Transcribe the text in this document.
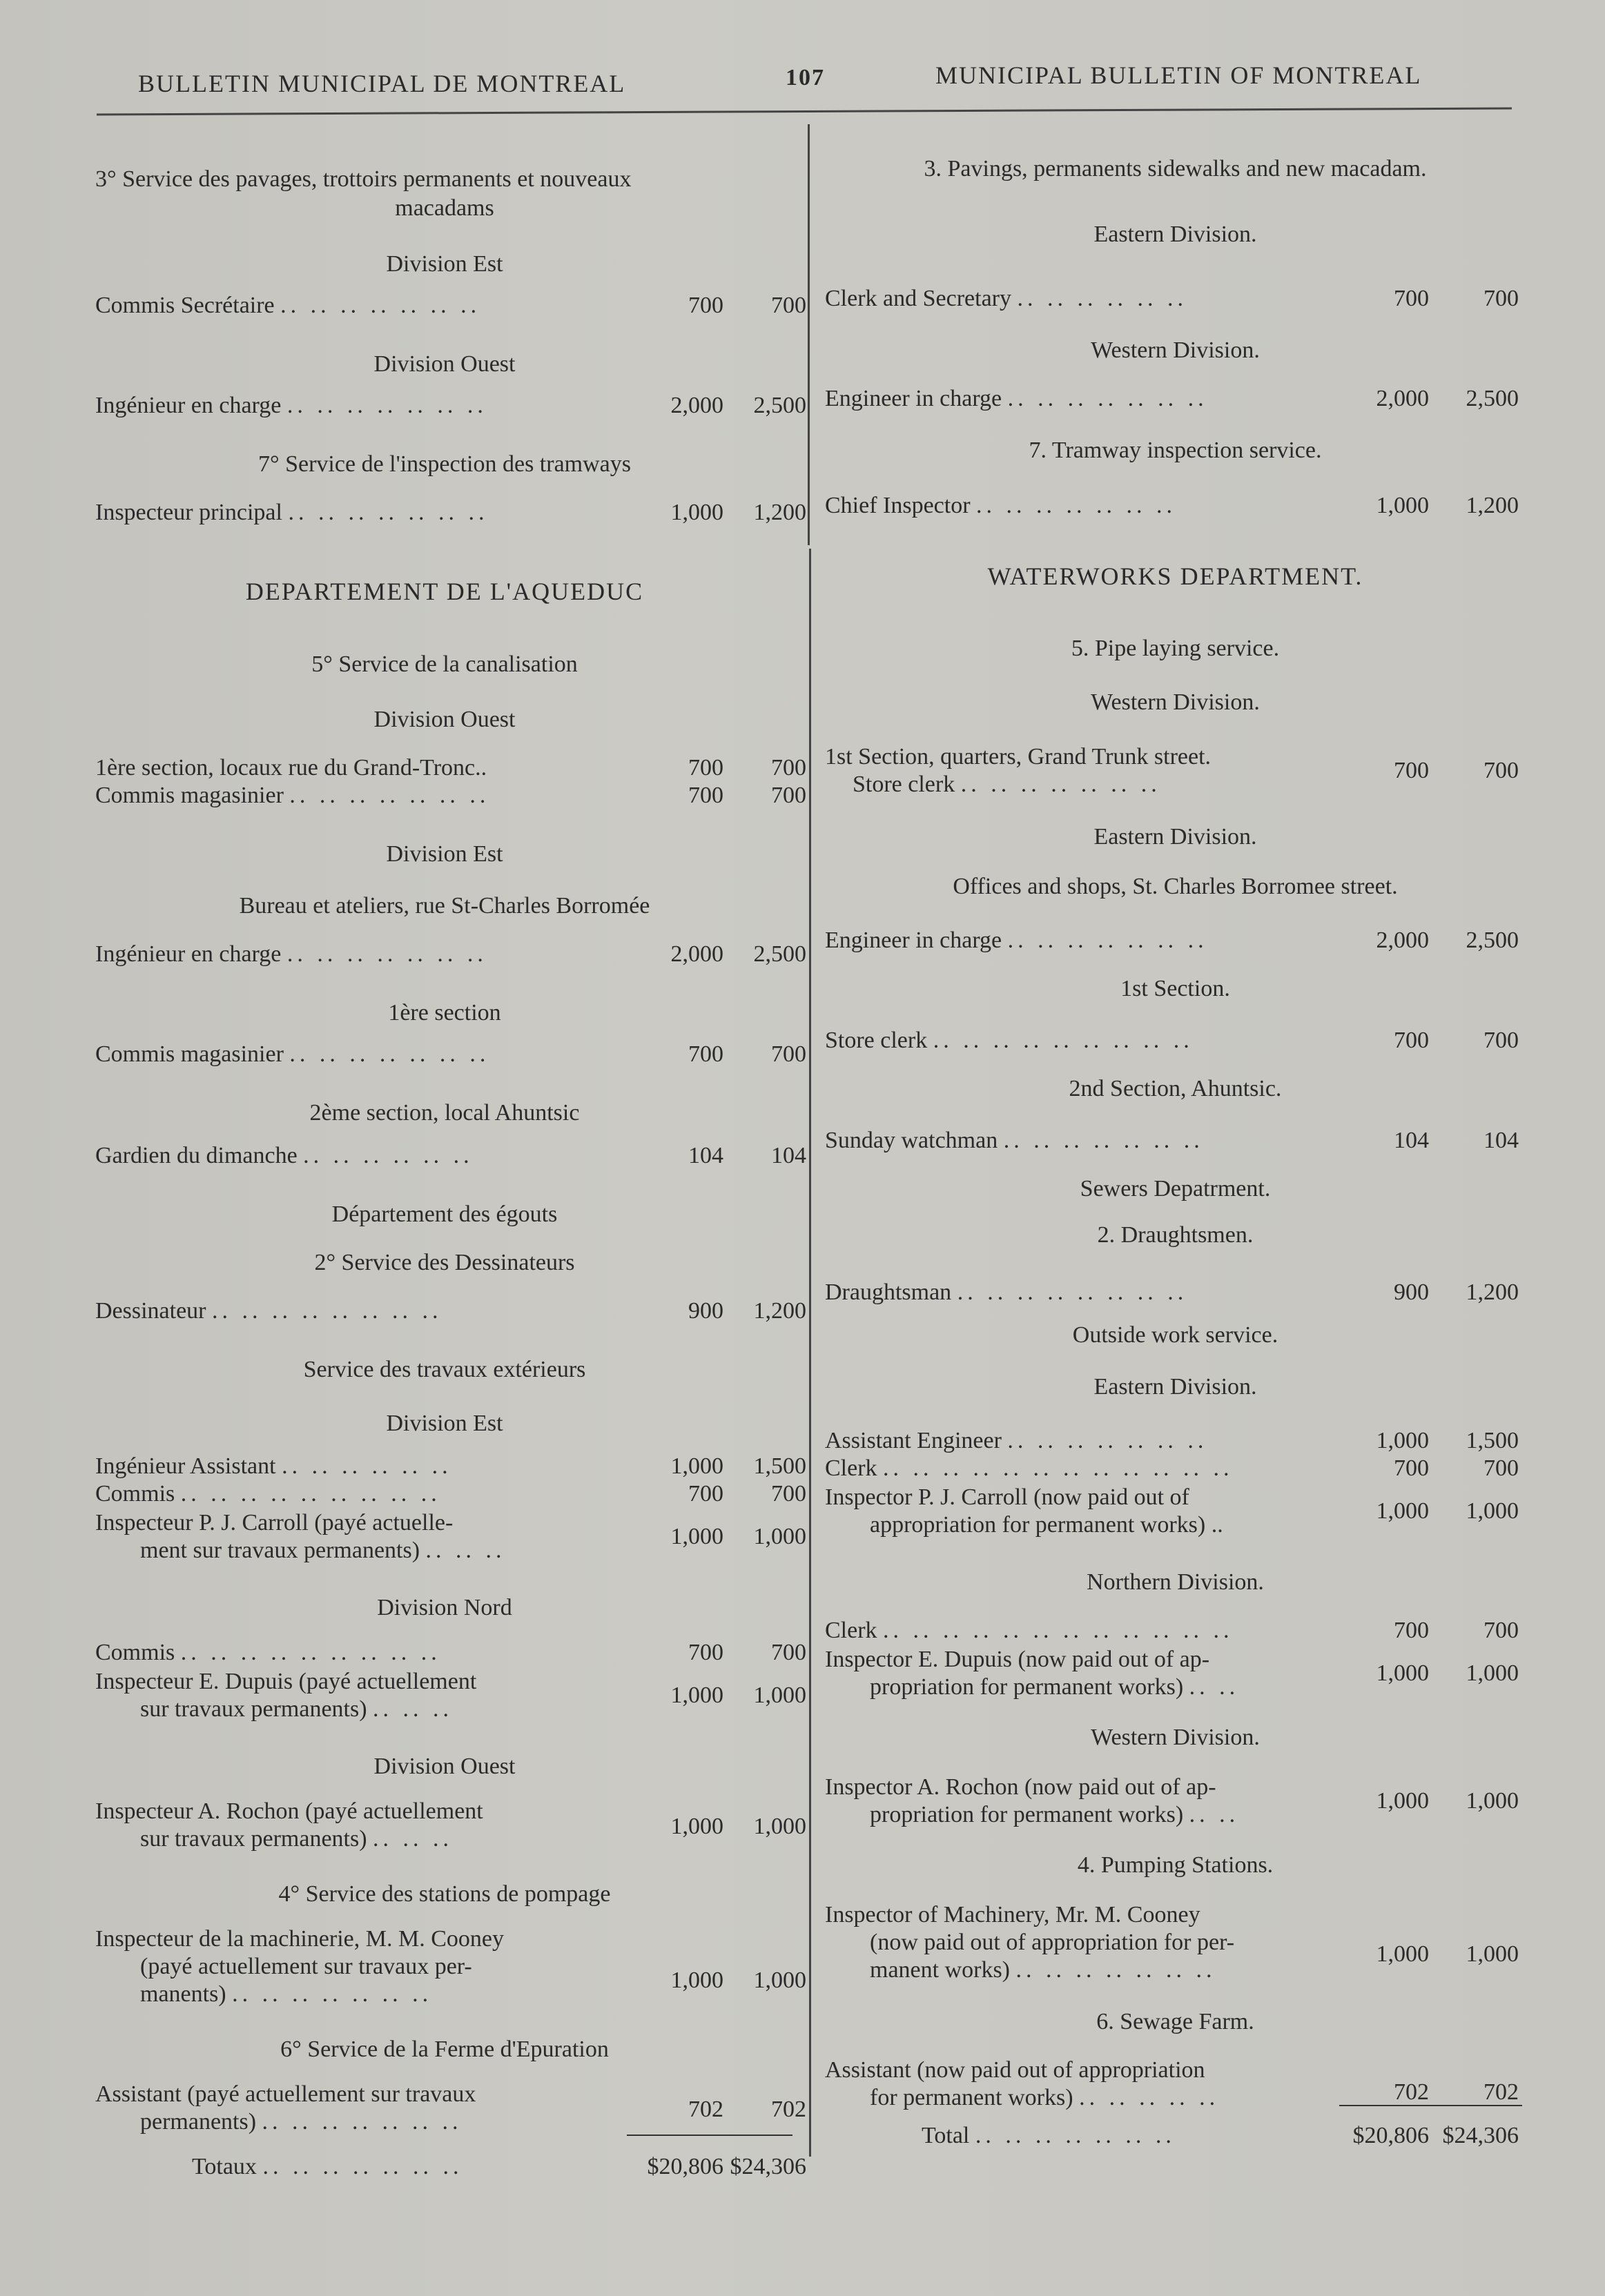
BULLETIN MUNICIPAL DE MONTREAL	107	MUNICIPAL BULLETIN OF MONTREAL
3° Service des pavages, trottoirs permanents et nouveaux
macadams
Division Est
Commis Secrétaire .. .. .. .. .. .. ..	700	700
Division Ouest
Ingénieur en charge .. .. .. .. .. .. ..	2,000	2,500
7° Service de l'inspection des tramways
Inspecteur principal .. .. .. .. .. .. ..	1,000	1,200
DEPARTEMENT DE L'AQUEDUC
5° Service de la canalisation
Division Ouest
1ère section, locaux rue du Grand-Tronc..	700	700
Commis magasinier .. .. .. .. .. .. ..	700	700
Division Est
Bureau et ateliers, rue St-Charles Borromée
Ingénieur en charge .. .. .. .. .. .. ..	2,000	2,500
1ère section
Commis magasinier .. .. .. .. .. .. ..	700	700
2ème section, local Ahuntsic
Gardien du dimanche .. .. .. .. .. ..	104	104
Département des égouts
2° Service des Dessinateurs
Dessinateur .. .. .. .. .. .. .. ..	900	1,200
Service des travaux extérieurs
Division Est
Ingénieur Assistant .. .. .. .. .. ..	1,000	1,500
Commis .. .. .. .. .. .. .. .. ..	700	700
Inspecteur P. J. Carroll (payé actuelle-
ment sur travaux permanents) .. .. ..
1,000	1,000
Division Nord
Commis .. .. .. .. .. .. .. .. ..	700	700
Inspecteur E. Dupuis (payé actuellement
sur travaux permanents) .. .. ..
1,000	1,000
Division Ouest
Inspecteur A. Rochon (payé actuellement
sur travaux permanents) .. .. ..	1,000	1,000
4° Service des stations de pompage
Inspecteur de la machinerie, M. M. Cooney
(payé actuellement sur travaux per-
manents) .. .. .. .. .. .. ..
1,000	1,000
6° Service de la Ferme d'Epuration
Assistant (payé actuellement sur travaux
permanents) .. .. .. .. .. .. ..	702	702
Totaux .. .. .. .. .. .. ..	$20,806 $24,306
3. Pavings, permanents sidewalks and new macadam.
Eastern Division.
Clerk and Secretary .. .. .. .. .. ..	700	700
Western Division.
Engineer in charge .. .. .. .. .. .. ..	2,000	2,500
7. Tramway inspection service.
Chief Inspector .. .. .. .. .. .. ..	1,000	1,200
WATERWORKS DEPARTMENT.
5. Pipe laying service.
Western Division.
1st Section, quarters, Grand Trunk street.
Store clerk .. .. .. .. .. .. ..
700	700
Eastern Division.
Offices and shops, St. Charles Borromee street.
Engineer in charge .. .. .. .. .. .. ..	2,000	2,500
1st Section.
Store clerk .. .. .. .. .. .. .. .. ..	700	700
2nd Section, Ahuntsic.
Sunday watchman .. .. .. .. .. .. ..	104	104
Sewers Depatrment.
2. Draughtsmen.
Draughtsman .. .. .. .. .. .. .. ..	900	1,200
Outside work service.
Eastern Division.
Assistant Engineer .. .. .. .. .. .. ..	1,000	1,500
Clerk .. .. .. .. .. .. .. .. .. .. .. ..	700	700
Inspector P. J. Carroll (now paid out of
appropriation for permanent works) ..
1,000	1,000
Northern Division.
Clerk .. .. .. .. .. .. .. .. .. .. .. ..	700	700
Inspector E. Dupuis (now paid out of ap-
propriation for permanent works) .. ..
1,000	1,000
Western Division.
Inspector A. Rochon (now paid out of ap-
propriation for permanent works) .. ..
1,000	1,000
4. Pumping Stations.
Inspector of Machinery, Mr. M. Cooney
(now paid out of appropriation for per-
manent works) .. .. .. .. .. .. ..
1,000	1,000
6. Sewage Farm.
Assistant (now paid out of appropriation
for permanent works) .. .. .. .. ..	702	702
Total .. .. .. .. .. .. ..	$20,806 $24,306
